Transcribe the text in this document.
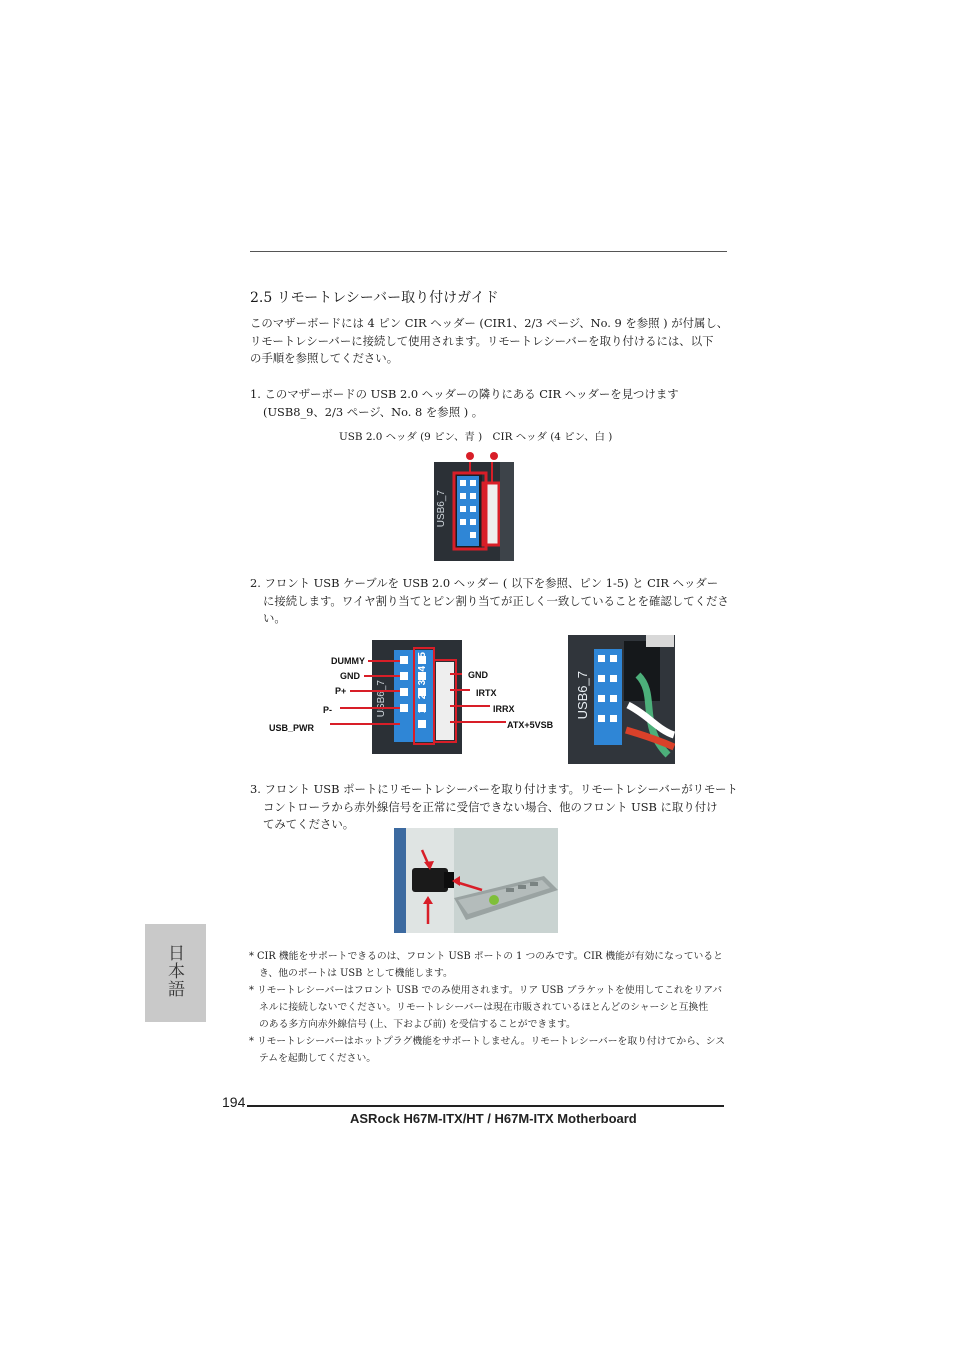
2.5 リモートレシーバー取り付けガイド
このマザーボードには 4 ピン CIR ヘッダー (CIR1、2/3 ページ、No. 9 を参照 ) が付属し、
リモートレシーバーに接続して使用されます。リモートレシーバーを取り付けるには、以下
の手順を参照してください。
1. このマザーボードの USB 2.0 ヘッダーの隣りにある CIR ヘッダーを見つけます
(USB8_9、2/3 ページ、No. 8 を参照 ) 。
USB 2.0 ヘッダ (9 ピン、青 )　CIR ヘッダ (4 ピン、白 )
USB6_7
2. フロント USB ケーブルを USB 2.0 ヘッダー ( 以下を参照、ピン 1-5) と CIR ヘッダー
に接続します。ワイヤ割り当てとピン割り当てが正しく一致していることを確認してくださ
い。
1   2   3   4   5
USB6_7
DUMMY
GND
P+
P-
USB_PWR
GND
IRTX
IRRX
ATX+5VSB
USB6_7
3. フロント USB ポートにリモートレシーバーを取り付けます。リモートレシーバーがリモート
コントローラから赤外線信号を正常に受信できない場合、他のフロント USB に取り付け
てみてください。
日本語	* CIR 機能をサポートできるのは、フロント USB ポートの 1 つのみです。CIR 機能が有効になっていると
き、他のポートは USB として機能します。
* リモートレシーバーはフロント USB でのみ使用されます。リア USB ブラケットを使用してこれをリアパ
ネルに接続しないでください。リモートレシーバーは現在市販されているほとんどのシャーシと互換性
のある多方向赤外線信号 (上、下および前) を受信することができます。
* リモートレシーバーはホットプラグ機能をサポートしません。リモートレシーバーを取り付けてから、シス
テムを起動してください。
194
ASRock H67M-ITX/HT / H67M-ITX Motherboard
